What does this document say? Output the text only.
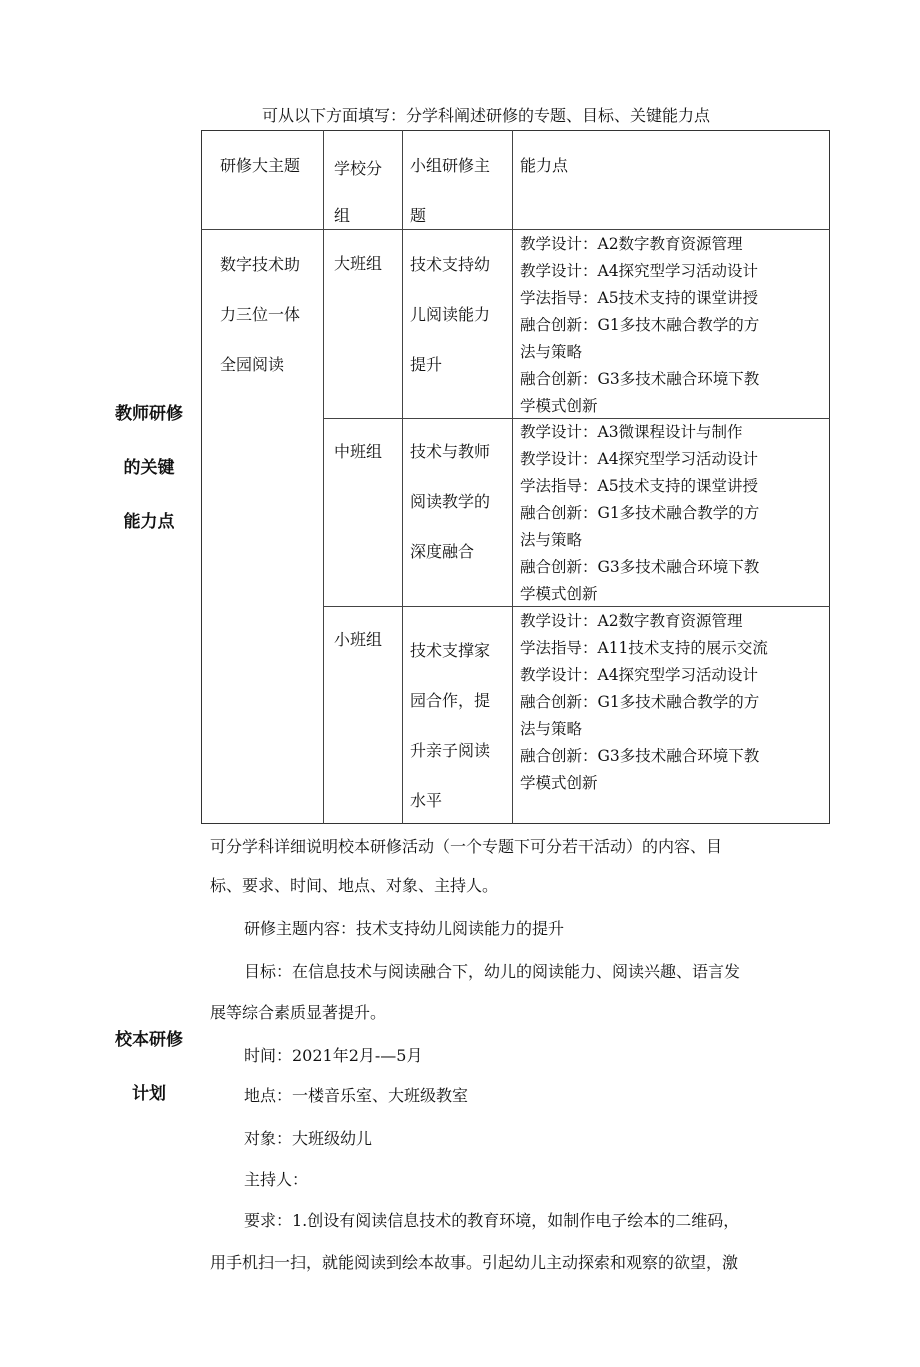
可从以下方面填写：分学科阐述研修的专题、目标、关键能力点
教师研修
的关键
能力点
研修大主题 学校分
组
小组研修主
题
能力点
数字技术助
力三位一体
全园阅读
大班组 技术支持幼
儿阅读能力
提升
教学设计：A2数字教育资源管理
教学设计：A4探究型学习活动设计
学法指导：A5技术支持的课堂讲授
融合创新：G1多技木融合教学的方
法与策略
融合创新：G3多技术融合环境下教
学模式创新
中班组 技术与教师
阅读教学的
深度融合
教学设计：A3微课程设计与制作
教学设计：A4探究型学习活动设计
学法指导：A5技术支持的课堂讲授
融合创新：G1多技术融合教学的方
法与策略
融合创新：G3多技术融合环境下教
学模式创新
小班组
技术支撑家
园合作，提
升亲子阅读
水平
教学设计：A2数字教育资源管理
学法指导：A11技术支持的展示交流
教学设计：A4探究型学习活动设计
融合创新：G1多技术融合教学的方
法与策略
融合创新：G3多技术融合环境下教
学模式创新
可分学科详细说明校本研修活动（一个专题下可分若干活动）的内容、目
标、要求、时间、地点、对象、主持人。
校本研修
计划
研修主题内容：技术支持幼儿阅读能力的提升
目标：在信息技术与阅读融合下，幼儿的阅读能力、阅读兴趣、语言发
展等综合素质显著提升。
时间：2021年2月-—5月
地点：一楼音乐室、大班级教室
对象：大班级幼儿
主持人：
要求：1.创设有阅读信息技术的教育环境，如制作电子绘本的二维码，
用手机扫一扫，就能阅读到绘本故事。引起幼儿主动探索和观察的欲望，激
